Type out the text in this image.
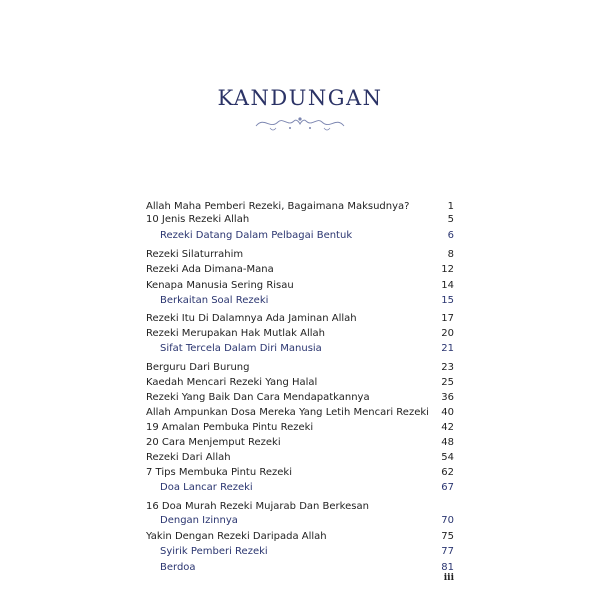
KANDUNGAN
Allah Maha Pemberi Rezeki, Bagaimana Maksudnya?	1
10 Jenis Rezeki Allah	5
Rezeki Datang Dalam Pelbagai Bentuk	6
Rezeki Silaturrahim	8
Rezeki Ada Dimana-Mana	12
Kenapa Manusia Sering Risau	14
Berkaitan Soal Rezeki	15
Rezeki Itu Di Dalamnya Ada Jaminan Allah	17
Rezeki Merupakan Hak Mutlak Allah	20
Sifat Tercela Dalam Diri Manusia	21
Berguru Dari Burung	23
Kaedah Mencari Rezeki Yang Halal	25
Rezeki Yang Baik Dan Cara Mendapatkannya	36
Allah Ampunkan Dosa Mereka Yang Letih Mencari Rezeki 40
19 Amalan Pembuka Pintu Rezeki	42
20 Cara Menjemput Rezeki	48
Rezeki Dari Allah	54
7 Tips Membuka Pintu Rezeki	62
Doa Lancar Rezeki	67
16 Doa Murah Rezeki Mujarab Dan Berkesan
Dengan Izinnya	70
Yakin Dengan Rezeki Daripada Allah	75
Syirik Pemberi Rezeki	77
Berdoa	81
iii
